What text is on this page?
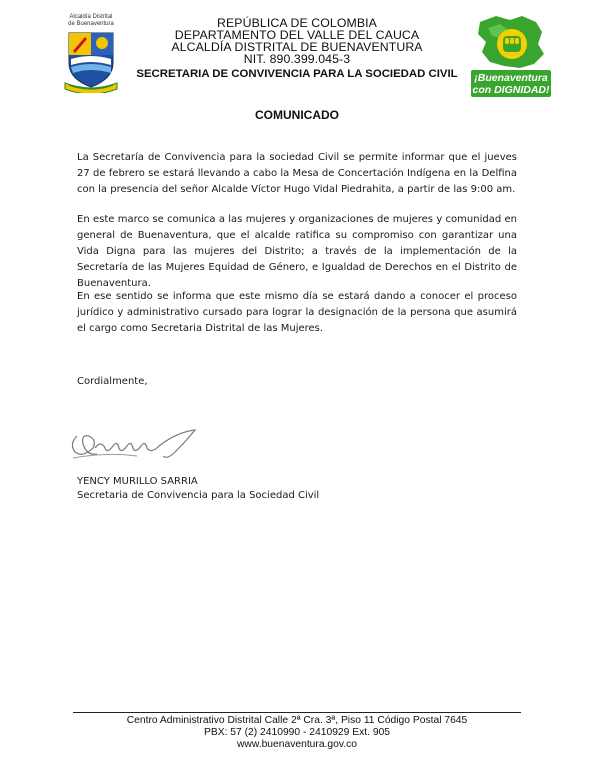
Alcaldía Distrital
de Buenaventura	REPÚBLICA DE COLOMBIA
DEPARTAMENTO DEL VALLE DEL CAUCA
ALCALDÍA DISTRITAL DE BUENAVENTURA
NIT. 890.399.045-3
SECRETARIA DE CONVIVENCIA PARA LA SOCIEDAD CIVIL	¡Buenaventura
con DIGNIDAD!
COMUNICADO
La Secretaría de Convivencia para la sociedad Civil se permite informar que el jueves 27 de febrero se estará llevando a cabo la Mesa de Concertación Indígena en la Delfina con la presencia del señor Alcalde Víctor Hugo Vidal Piedrahita, a partir de las 9:00 am.
En este marco se comunica a las mujeres y organizaciones de mujeres y comunidad en general de Buenaventura, que el alcalde ratifica su compromiso con garantizar una Vida Digna para las mujeres del Distrito; a través de la implementación de la Secretaría de las Mujeres Equidad de Género, e Igualdad de Derechos en el Distrito de Buenaventura.
En ese sentido se informa que este mismo día se estará dando a conocer el proceso jurídico y administrativo cursado para lograr la designación de la persona que asumirá el cargo como Secretaria Distrital de las Mujeres.
Cordialmente,
YENCY MURILLO SARRIA
Secretaria de Convivencia para la Sociedad Civil
Centro Administrativo Distrital Calle 2ª Cra. 3ª, Piso 11 Código Postal 7645
PBX: 57 (2) 2410990 - 2410929 Ext. 905
www.buenaventura.gov.co
